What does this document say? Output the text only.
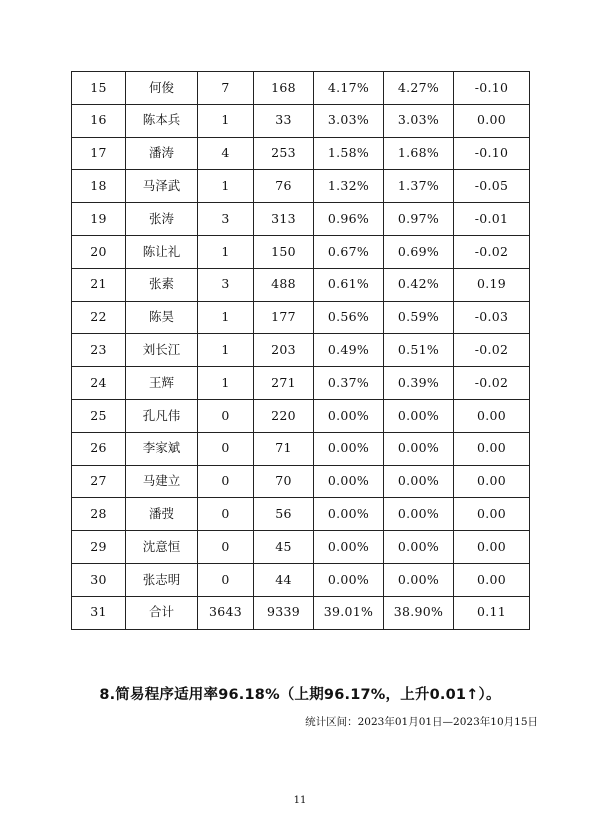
15	何俊	7	168	4.17%	4.27%	-0.10
16	陈本兵	1	33	3.03%	3.03%	0.00
17	潘涛	4	253	1.58%	1.68%	-0.10
18	马泽武	1	76	1.32%	1.37%	-0.05
19	张涛	3	313	0.96%	0.97%	-0.01
20	陈让礼	1	150	0.67%	0.69%	-0.02
21	张素	3	488	0.61%	0.42%	0.19
22	陈昊	1	177	0.56%	0.59%	-0.03
23	刘长江	1	203	0.49%	0.51%	-0.02
24	王辉	1	271	0.37%	0.39%	-0.02
25	孔凡伟	0	220	0.00%	0.00%	0.00
26	李家斌	0	71	0.00%	0.00%	0.00
27	马建立	0	70	0.00%	0.00%	0.00
28	潘弢	0	56	0.00%	0.00%	0.00
29	沈意恒	0	45	0.00%	0.00%	0.00
30	张志明	0	44	0.00%	0.00%	0.00
31	合计	3643	9339	39.01%	38.90%	0.11
8.简易程序适用率96.18%（上期96.17%，上升0.01↑）。
统计区间：2023年01月01日—2023年10月15日
11
